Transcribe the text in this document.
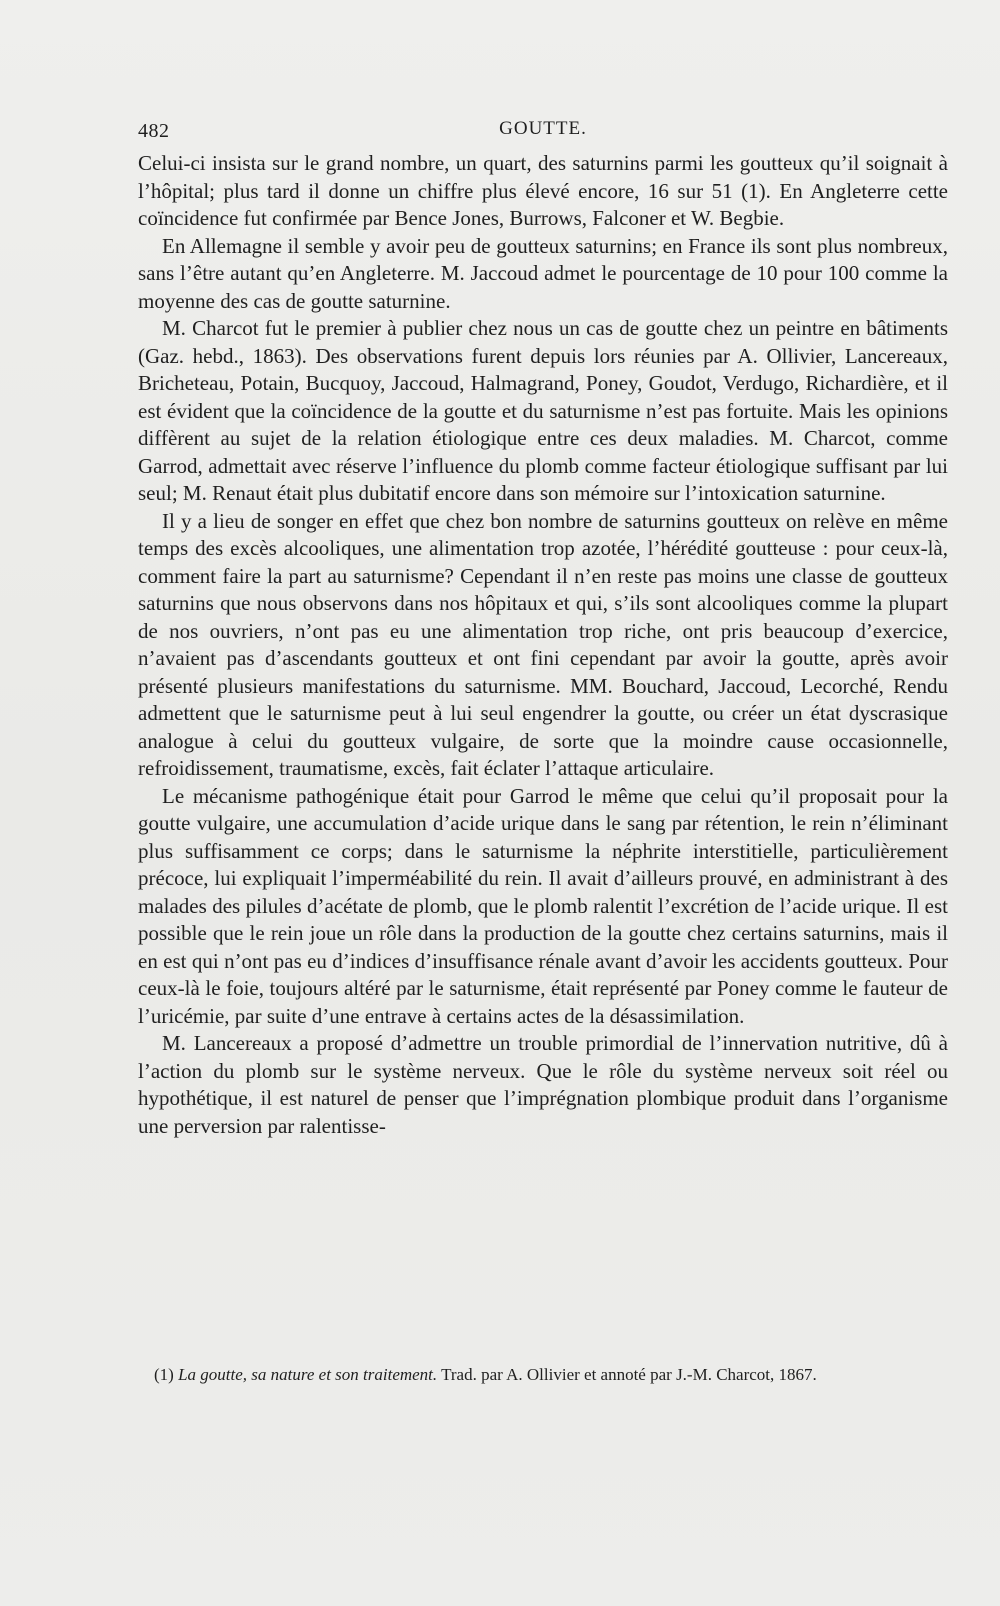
482	GOUTTE.

Celui-ci insista sur le grand nombre, un quart, des saturnins parmi les goutteux qu’il soignait à l’hôpital; plus tard il donne un chiffre plus élevé encore, 16 sur 51 (1). En Angleterre cette coïncidence fut confirmée par Bence Jones, Burrows, Falconer et W. Begbie.

En Allemagne il semble y avoir peu de goutteux saturnins; en France ils sont plus nombreux, sans l’être autant qu’en Angleterre. M. Jaccoud admet le pourcentage de 10 pour 100 comme la moyenne des cas de goutte saturnine.

M. Charcot fut le premier à publier chez nous un cas de goutte chez un peintre en bâtiments (Gaz. hebd., 1863). Des observations furent depuis lors réunies par A. Ollivier, Lancereaux, Bricheteau, Potain, Bucquoy, Jaccoud, Halmagrand, Poney, Goudot, Verdugo, Richardière, et il est évident que la coïncidence de la goutte et du saturnisme n’est pas fortuite. Mais les opinions diffèrent au sujet de la relation étiologique entre ces deux maladies. M. Charcot, comme Garrod, admettait avec réserve l’influence du plomb comme facteur étiologique suffisant par lui seul; M. Renaut était plus dubitatif encore dans son mémoire sur l’intoxication saturnine.

Il y a lieu de songer en effet que chez bon nombre de saturnins goutteux on relève en même temps des excès alcooliques, une alimentation trop azotée, l’hérédité goutteuse : pour ceux-là, comment faire la part au saturnisme? Cependant il n’en reste pas moins une classe de goutteux saturnins que nous observons dans nos hôpitaux et qui, s’ils sont alcooliques comme la plupart de nos ouvriers, n’ont pas eu une alimentation trop riche, ont pris beaucoup d’exercice, n’avaient pas d’ascendants goutteux et ont fini cependant par avoir la goutte, après avoir présenté plusieurs manifestations du saturnisme. MM. Bouchard, Jaccoud, Lecorché, Rendu admettent que le saturnisme peut à lui seul engendrer la goutte, ou créer un état dyscrasique analogue à celui du goutteux vulgaire, de sorte que la moindre cause occasionnelle, refroidissement, traumatisme, excès, fait éclater l’attaque articulaire.

Le mécanisme pathogénique était pour Garrod le même que celui qu’il proposait pour la goutte vulgaire, une accumulation d’acide urique dans le sang par rétention, le rein n’éliminant plus suffisamment ce corps; dans le saturnisme la néphrite interstitielle, particulièrement précoce, lui expliquait l’imperméabilité du rein. Il avait d’ailleurs prouvé, en administrant à des malades des pilules d’acétate de plomb, que le plomb ralentit l’excrétion de l’acide urique. Il est possible que le rein joue un rôle dans la production de la goutte chez certains saturnins, mais il en est qui n’ont pas eu d’indices d’insuffisance rénale avant d’avoir les accidents goutteux. Pour ceux-là le foie, toujours altéré par le saturnisme, était représenté par Poney comme le fauteur de l’uricémie, par suite d’une entrave à certains actes de la désassimilation.

M. Lancereaux a proposé d’admettre un trouble primordial de l’innervation nutritive, dû à l’action du plomb sur le système nerveux. Que le rôle du système nerveux soit réel ou hypothétique, il est naturel de penser que l’imprégnation plombique produit dans l’organisme une perversion par ralentisse-

(1) La goutte, sa nature et son traitement. Trad. par A. Ollivier et annoté par J.-M. Charcot, 1867.
